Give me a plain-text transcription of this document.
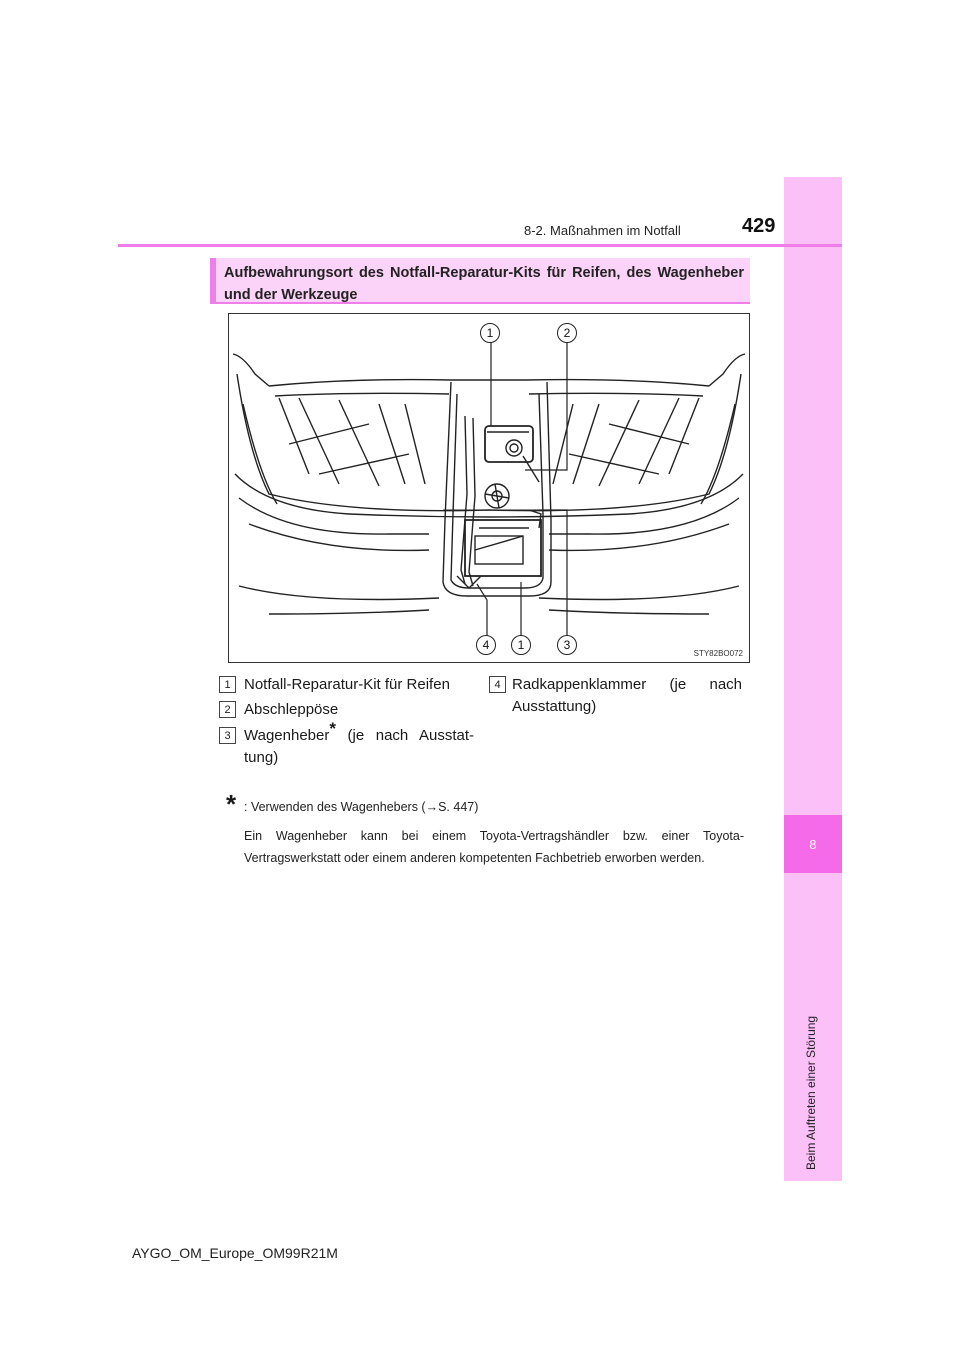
8
Beim Auftreten einer Störung
8-2. Maßnahmen im Notfall	429
Aufbewahrungsort des Notfall-Reparatur-Kits für Reifen, des Wagenheber und der Werkzeuge
1	2
4	1	3
STY82BO072
1 Notfall-Reparatur-Kit für Reifen
2 Abschleppöse
3 Wagenheber* (je nach Ausstat-tung)
4 Radkappenklammer (je nach Ausstattung)
* : Verwenden des Wagenhebers (→S. 447)
Ein Wagenheber kann bei einem Toyota-Vertragshändler bzw. einer Toyota-Vertragswerkstatt oder einem anderen kompetenten Fachbetrieb erworben werden.
AYGO_OM_Europe_OM99R21M
